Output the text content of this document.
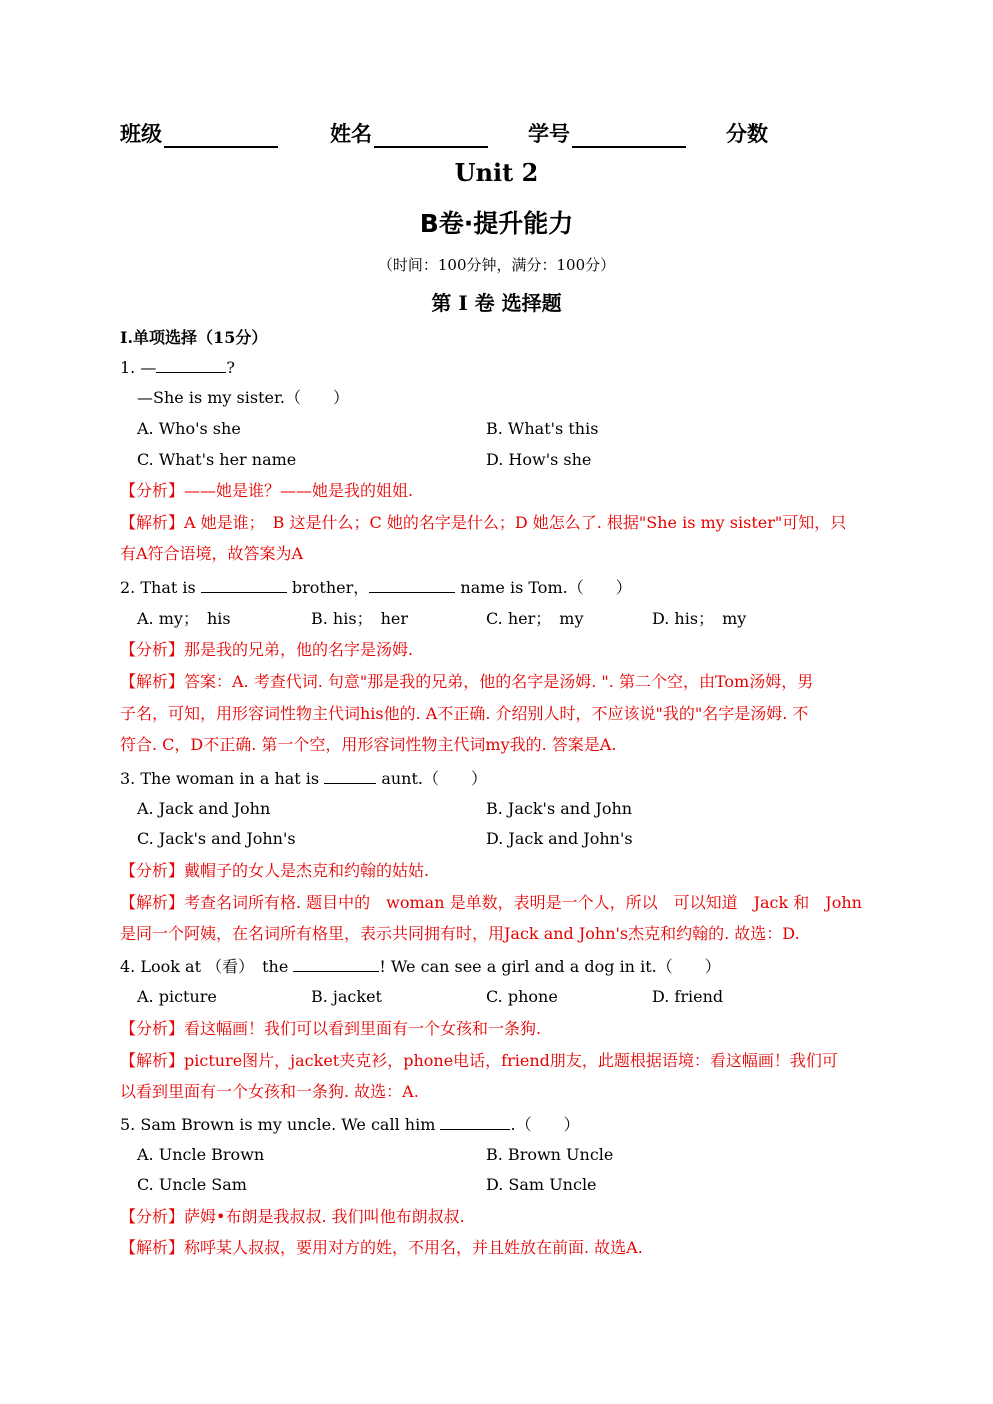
班级	姓名	学号	分数
Unit 2
B卷·提升能力
（时间：100分钟，满分：100分）
第 I 卷 选择题
I.单项选择（15分）
1. —	?
—She is my sister.（　　）
A. Who's she	B. What's this
C. What's her name	D. How's she
【分析】——她是谁？——她是我的姐姐.
【解析】A 她是谁；　B 这是什么；C 她的名字是什么；D 她怎么了. 根据"She is my sister"可知，只
有A符合语境，故答案为A
2. That is	brother，	name is Tom.（　　）
A. my；　his	B. his；　her	C. her；　my	D. his；　my
【分析】那是我的兄弟，他的名字是汤姆.
【解析】答案：A. 考查代词. 句意"那是我的兄弟，他的名字是汤姆. ". 第二个空，由Tom汤姆，男
子名，可知，用形容词性物主代词his他的. A不正确. 介绍别人时，不应该说"我的"名字是汤姆. 不
符合. C，D不正确. 第一个空，用形容词性物主代词my我的. 答案是A.
3. The woman in a hat is	aunt.（　　）
A. Jack and John	B. Jack's and John
C. Jack's and John's	D. Jack and John's
【分析】戴帽子的女人是杰克和约翰的姑姑.
【解析】考查名词所有格. 题目中的　woman 是单数，表明是一个人，所以　可以知道　Jack 和　John
是同一个阿姨，在名词所有格里，表示共同拥有时，用Jack and John's杰克和约翰的. 故选：D.
4. Look at （看）　the	! We can see a girl and a dog in it.（　　）
A. picture	B. jacket	C. phone	D. friend
【分析】看这幅画！我们可以看到里面有一个女孩和一条狗.
【解析】picture图片，jacket夹克衫，phone电话，friend朋友，此题根据语境：看这幅画！我们可
以看到里面有一个女孩和一条狗. 故选：A.
5. Sam Brown is my uncle. We call him	.（　　）
A. Uncle Brown	B. Brown Uncle
C. Uncle Sam	D. Sam Uncle
【分析】萨姆•布朗是我叔叔. 我们叫他布朗叔叔.
【解析】称呼某人叔叔，要用对方的姓，不用名，并且姓放在前面. 故选A.
